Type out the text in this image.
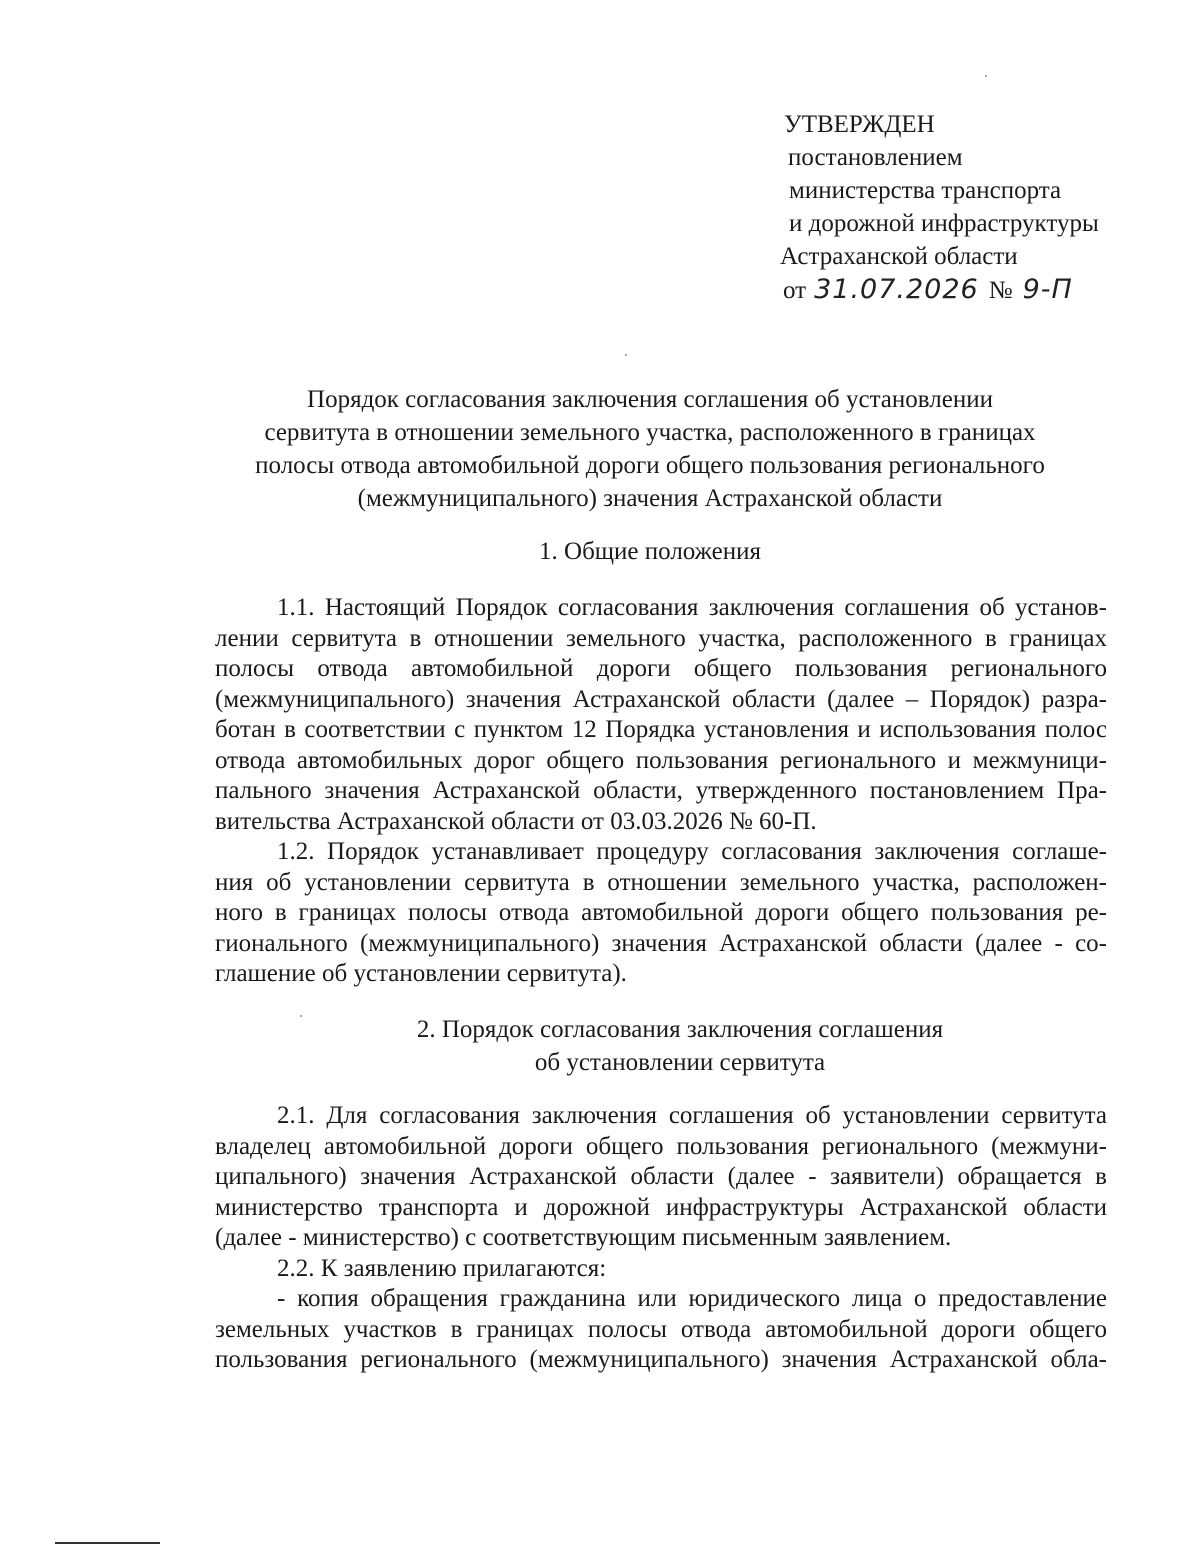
УТВЕРЖДЕН
постановлением
министерства транспорта
и дорожной инфраструктуры
Астраханской области
от 31.07.2026 № 9-П
Порядок согласования заключения соглашения об установлении
сервитута в отношении земельного участка, расположенного в границах
полосы отвода автомобильной дороги общего пользования регионального
(межмуниципального) значения Астраханской области
1. Общие положения
1.1. Настоящий Порядок согласования заключения соглашения об установ-
лении сервитута в отношении земельного участка, расположенного в границах
полосы отвода автомобильной дороги общего пользования регионального
(межмуниципального) значения Астраханской области (далее – Порядок) разра-
ботан в соответствии с пунктом 12 Порядка установления и использования полос
отвода автомобильных дорог общего пользования регионального и межмуници-
пального значения Астраханской области, утвержденного постановлением Пра-
вительства Астраханской области от 03.03.2026 № 60-П.
1.2. Порядок устанавливает процедуру согласования заключения соглаше-
ния об установлении сервитута в отношении земельного участка, расположен-
ного в границах полосы отвода автомобильной дороги общего пользования ре-
гионального (межмуниципального) значения Астраханской области (далее - со-
глашение об установлении сервитута).
2. Порядок согласования заключения соглашения
об установлении сервитута
2.1. Для согласования заключения соглашения об установлении сервитута
владелец автомобильной дороги общего пользования регионального (межмуни-
ципального) значения Астраханской области (далее - заявители) обращается в
министерство транспорта и дорожной инфраструктуры Астраханской области
(далее - министерство) с соответствующим письменным заявлением.
2.2. К заявлению прилагаются:
- копия обращения гражданина или юридического лица о предоставление
земельных участков в границах полосы отвода автомобильной дороги общего
пользования регионального (межмуниципального) значения Астраханской обла-
